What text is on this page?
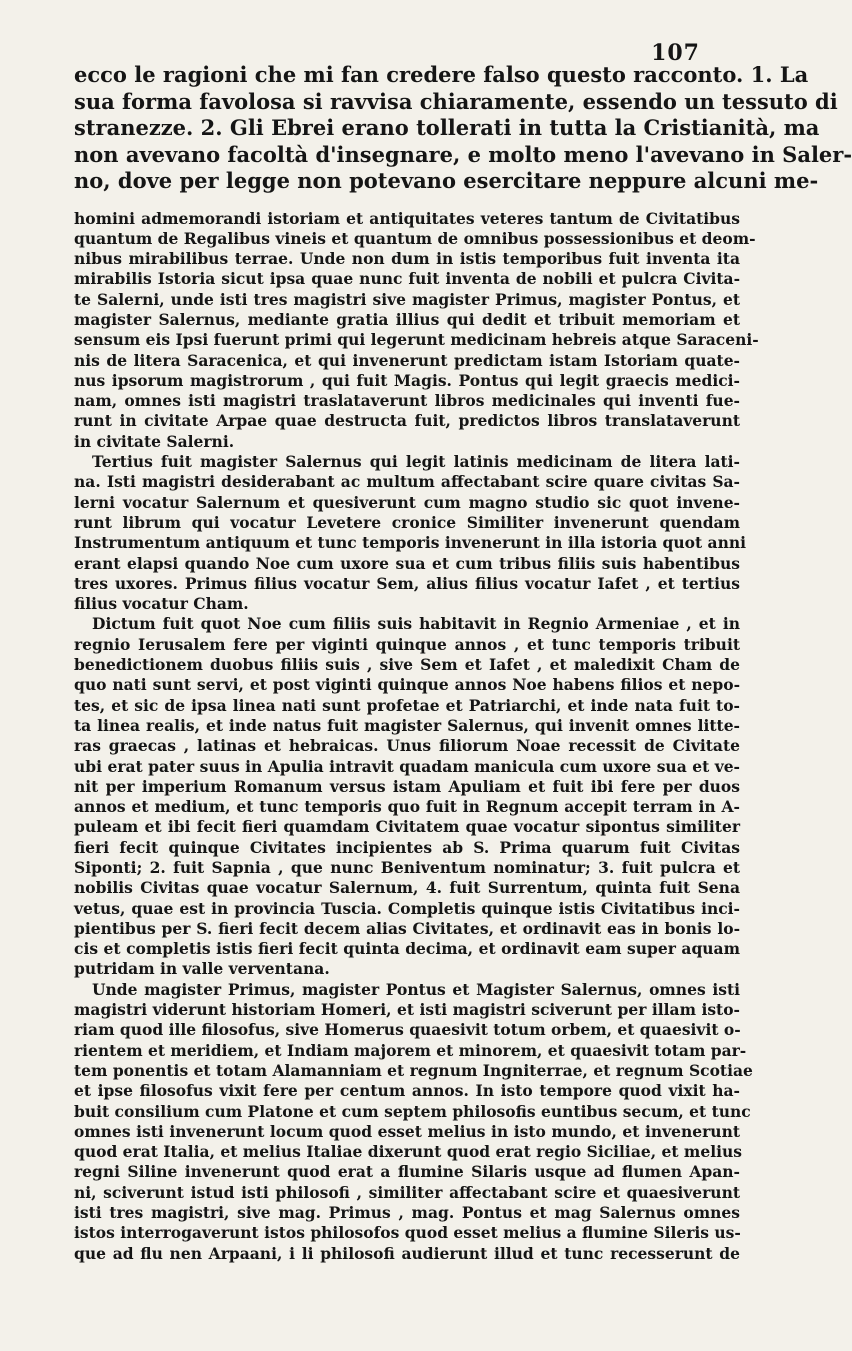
107
ecco le ragioni che mi fan credere falso questo racconto. 1. La
sua forma favolosa si ravvisa chiaramente, essendo un tessuto di
stranezze. 2. Gli Ebrei erano tollerati in tutta la Cristianità, ma
non avevano facoltà d'insegnare, e molto meno l'avevano in Saler-
no, dove per legge non potevano esercitare neppure alcuni me-
homini admemorandi istoriam et antiquitates veteres tantum de Civitatibus
quantum de Regalibus vineis et quantum de omnibus possessionibus et deom-
nibus mirabilibus terrae. Unde non dum in istis temporibus fuit inventa ita
mirabilis Istoria sicut ipsa quae nunc fuit inventa de nobili et pulcra Civita-
te Salerni, unde isti tres magistri sive magister Primus, magister Pontus, et
magister Salernus, mediante gratia illius qui dedit et tribuit memoriam et
sensum eis Ipsi fuerunt primi qui legerunt medicinam hebreis atque Saraceni-
nis de litera Saracenica, et qui invenerunt predictam istam Istoriam quate-
nus ipsorum magistrorum , qui fuit Magis. Pontus qui legit graecis medici-
nam, omnes isti magistri traslataverunt libros medicinales qui inventi fue-
runt in civitate Arpae quae destructa fuit, predictos libros translataverunt
in civitate Salerni.
Tertius fuit magister Salernus qui legit latinis medicinam de litera lati-
na. Isti magistri desiderabant ac multum affectabant scire quare civitas Sa-
lerni vocatur Salernum et quesiverunt cum magno studio sic quot invene-
runt librum qui vocatur Levetere cronice Similiter invenerunt quendam
Instrumentum antiquum et tunc temporis invenerunt in illa istoria quot anni
erant elapsi quando Noe cum uxore sua et cum tribus filiis suis habentibus
tres uxores. Primus filius vocatur Sem, alius filius vocatur Iafet , et tertius
filius vocatur Cham.
Dictum fuit quot Noe cum filiis suis habitavit in Regnio Armeniae , et in
regnio Ierusalem fere per viginti quinque annos , et tunc temporis tribuit
benedictionem duobus filiis suis , sive Sem et Iafet , et maledixit Cham de
quo nati sunt servi, et post viginti quinque annos Noe habens filios et nepo-
tes, et sic de ipsa linea nati sunt profetae et Patriarchi, et inde nata fuit to-
ta linea realis, et inde natus fuit magister Salernus, qui invenit omnes litte-
ras graecas , latinas et hebraicas. Unus filiorum Noae recessit de Civitate
ubi erat pater suus in Apulia intravit quadam manicula cum uxore sua et ve-
nit per imperium Romanum versus istam Apuliam et fuit ibi fere per duos
annos et medium, et tunc temporis quo fuit in Regnum accepit terram in A-
puleam et ibi fecit fieri quamdam Civitatem quae vocatur sipontus similiter
fieri fecit quinque Civitates incipientes ab S. Prima quarum fuit Civitas
Siponti; 2. fuit Sapnia , que nunc Beniventum nominatur; 3. fuit pulcra et
nobilis Civitas quae vocatur Salernum, 4. fuit Surrentum, quinta fuit Sena
vetus, quae est in provincia Tuscia. Completis quinque istis Civitatibus inci-
pientibus per S. fieri fecit decem alias Civitates, et ordinavit eas in bonis lo-
cis et completis istis fieri fecit quinta decima, et ordinavit eam super aquam
putridam in valle verventana.
Unde magister Primus, magister Pontus et Magister Salernus, omnes isti
magistri viderunt historiam Homeri, et isti magistri sciverunt per illam isto-
riam quod ille filosofus, sive Homerus quaesivit totum orbem, et quaesivit o-
rientem et meridiem, et Indiam majorem et minorem, et quaesivit totam par-
tem ponentis et totam Alamanniam et regnum Ingniterrae, et regnum Scotiae
et ipse filosofus vixit fere per centum annos. In isto tempore quod vixit ha-
buit consilium cum Platone et cum septem philosofis euntibus secum, et tunc
omnes isti invenerunt locum quod esset melius in isto mundo, et invenerunt
quod erat Italia, et melius Italiae dixerunt quod erat regio Siciliae, et melius
regni Siline invenerunt quod erat a flumine Silaris usque ad flumen Apan-
ni, sciverunt istud isti philosofi , similiter affectabant scire et quaesiverunt
isti tres magistri, sive mag. Primus , mag. Pontus et mag Salernus omnes
istos interrogaverunt istos philosofos quod esset melius a flumine Sileris us-
que ad flu nen Arpaani, i li philosofi audierunt illud et tunc recesserunt de
